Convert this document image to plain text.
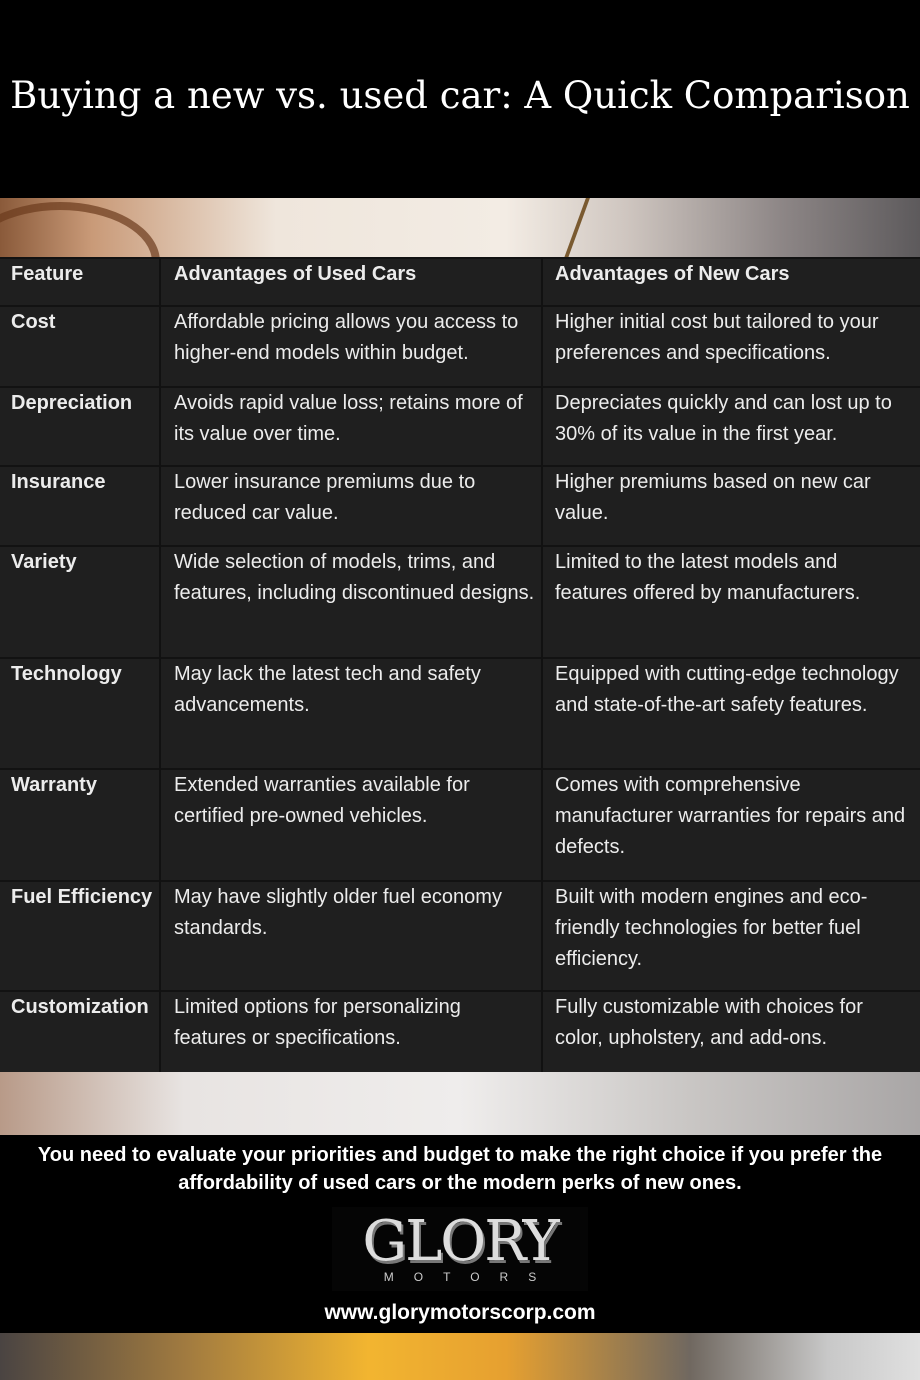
Buying a new vs. used car: A Quick Comparison
Feature	Advantages of Used Cars	Advantages of New Cars
Cost	Affordable pricing allows you access to higher-end models within budget.	Higher initial cost but tailored to your preferences and specifications.
Depreciation	Avoids rapid value loss; retains more of its value over time.	Depreciates quickly and can lost up to 30% of its value in the first year.
Insurance	Lower insurance premiums due to reduced car value.	Higher premiums based on new car value.
Variety	Wide selection of models, trims, and features, including discontinued designs.	Limited to the latest models and features offered by manufacturers.
Technology	May lack the latest tech and safety advancements.	Equipped with cutting-edge technology and state-of-the-art safety features.
Warranty	Extended warranties available for certified pre-owned vehicles.	Comes with comprehensive manufacturer warranties for repairs and defects.
Fuel Efficiency	May have slightly older fuel economy standards.	Built with modern engines and eco-friendly technologies for better fuel efficiency.
Customization	Limited options for personalizing features or specifications.	Fully customizable with choices for color, upholstery, and add-ons.

You need to evaluate your priorities and budget to make the right choice if you prefer the affordability of used cars or the modern perks of new ones.

GLORY
MOTORS

www.glorymotorscorp.com
